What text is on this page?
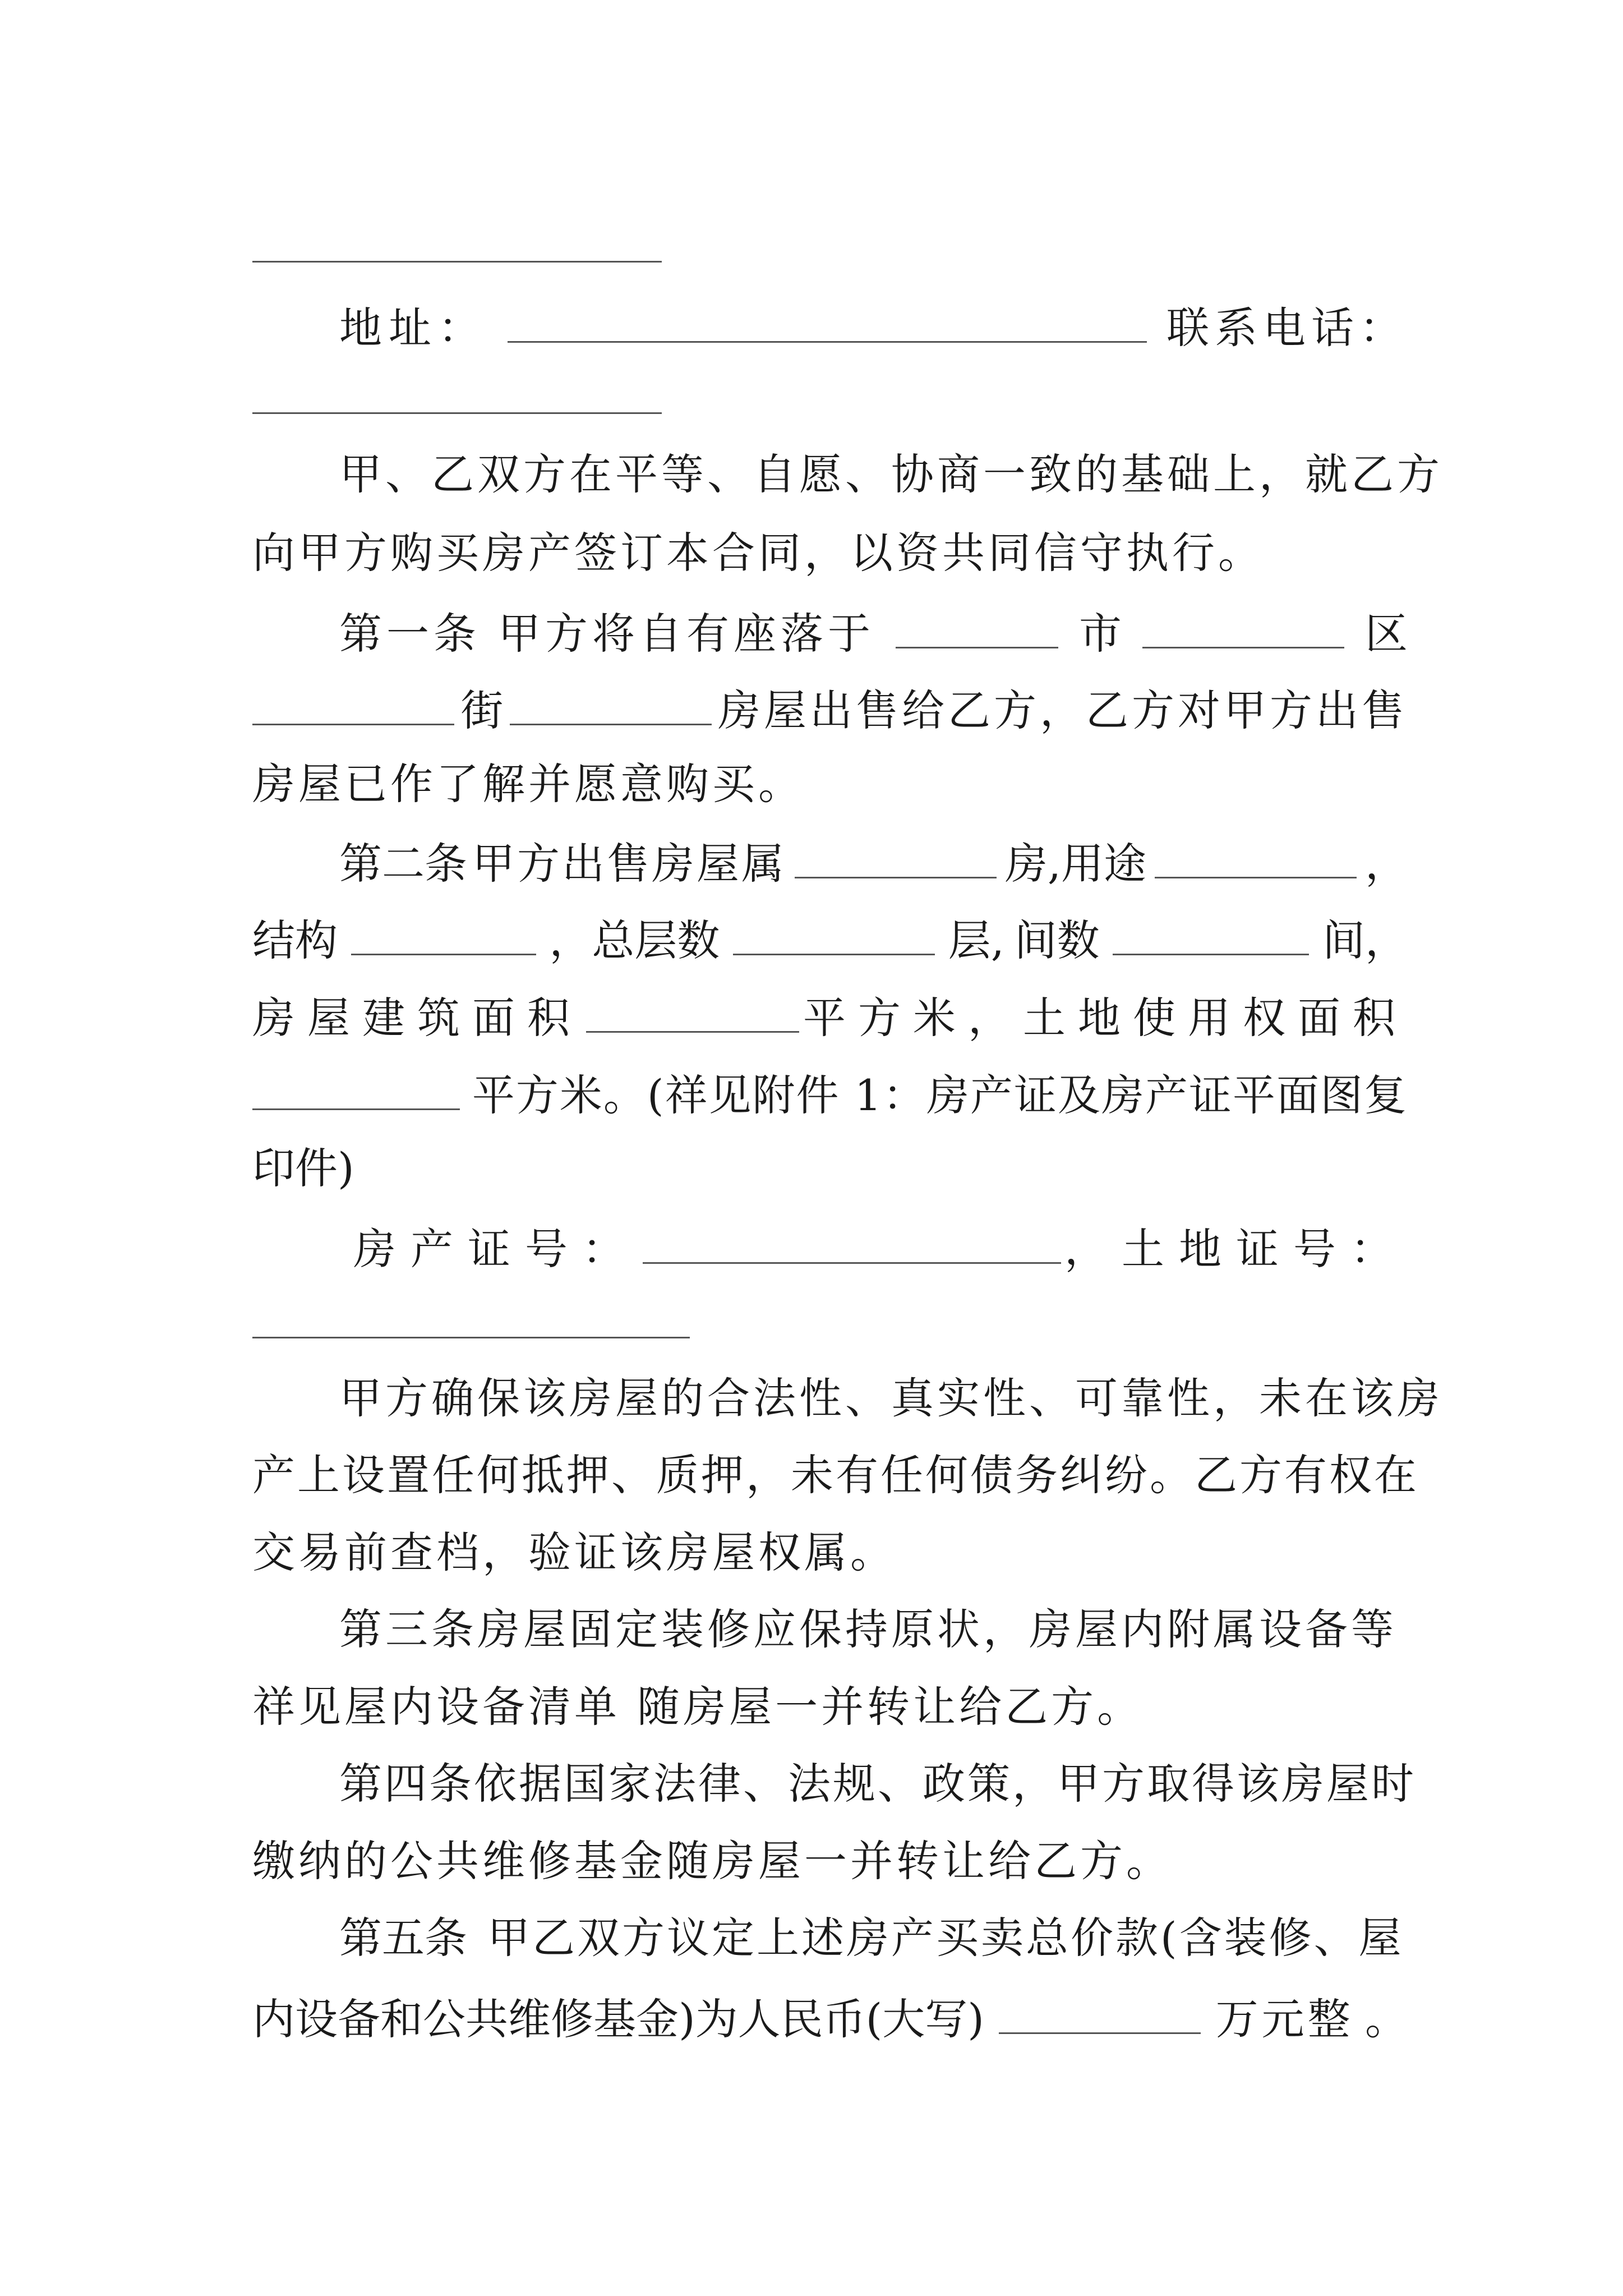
地址：	联系电话：
甲、乙双方在平等、自愿、协商一致的基础上，就乙方
向甲方购买房产签订本合同，以资共同信守执行。
第一条 甲方将自有座落于	市	区
街	房屋出售给乙方，乙方对甲方出售
房屋已作了解并愿意购买。
第二条 甲方出售房屋属	房,用途	，
结构	，总层数	层, 间数	间，
房屋建筑面积	平方米，土地使用权面积
平方米。(祥见附件 1：房产证及房产证平面图复
印件)
房产证号：	，土地证号：
甲方确保该房屋的合法性、真实性、可靠性，未在该房
产上设置任何抵押、质押，未有任何债务纠纷。乙方有权在
交易前查档，验证该房屋权属。
第三条房屋固定装修应保持原状，房屋内附属设备等
祥见屋内设备清单 随房屋一并转让给乙方。
第四条依据国家法律、法规、政策，甲方取得该房屋时
缴纳的公共维修基金随房屋一并转让给乙方。
第五条 甲乙双方议定上述房产买卖总价款(含装修、屋
内设备和公共维修基金)为人民币(大写)	万元整 。
